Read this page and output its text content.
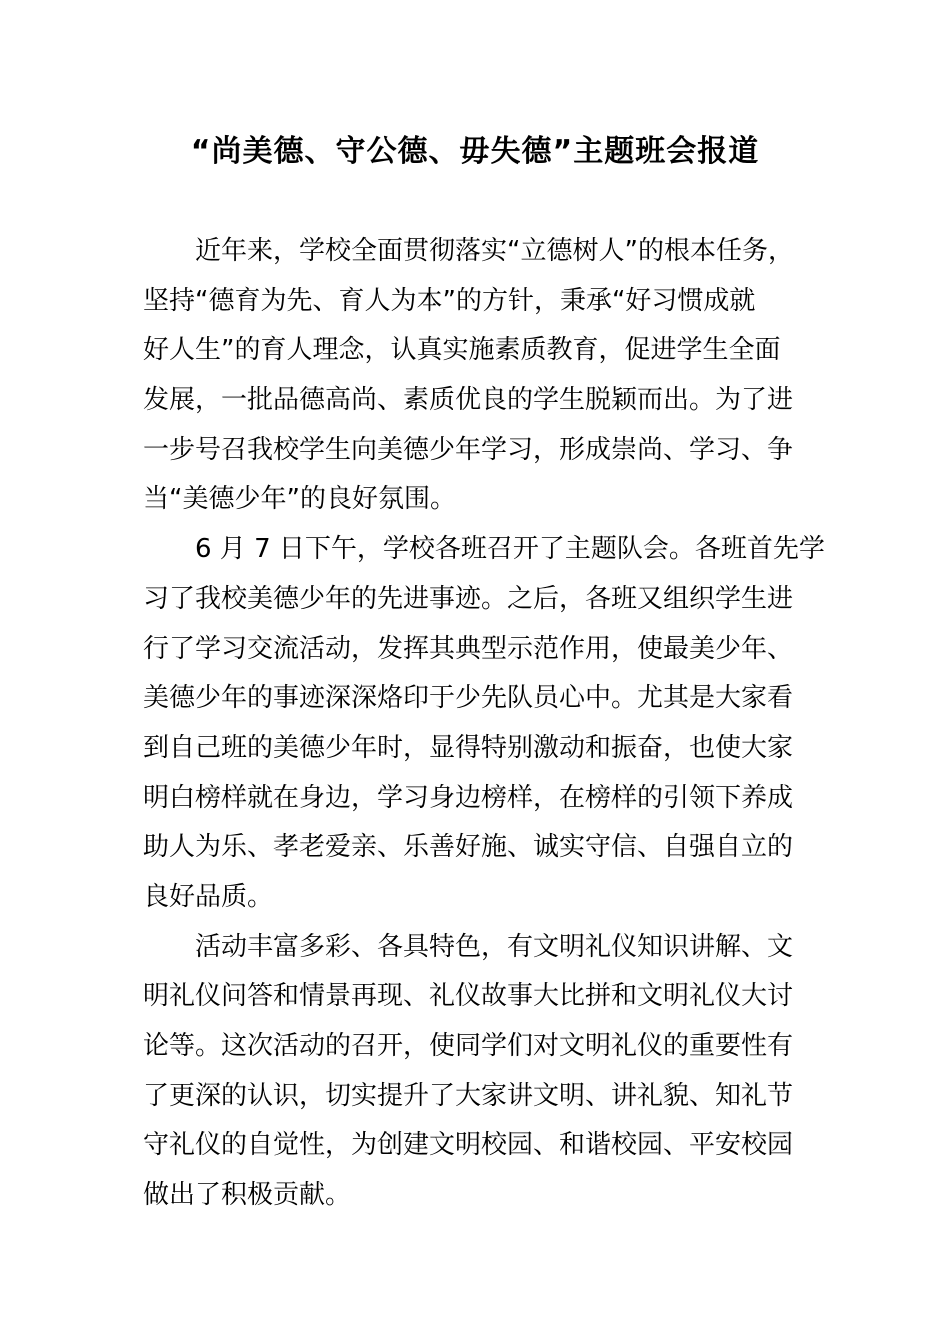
“尚美德、守公德、毋失德”主题班会报道
近年来，学校全面贯彻落实“立德树人”的根本任务，
坚持“德育为先、育人为本”的方针，秉承“好习惯成就
好人生”的育人理念，认真实施素质教育，促进学生全面
发展，一批品德高尚、素质优良的学生脱颖而出。为了进
一步号召我校学生向美德少年学习，形成崇尚、学习、争
当“美德少年”的良好氛围。
6 月 7 日下午，学校各班召开了主题队会。各班首先学
习了我校美德少年的先进事迹。之后，各班又组织学生进
行了学习交流活动，发挥其典型示范作用，使最美少年、
美德少年的事迹深深烙印于少先队员心中。尤其是大家看
到自己班的美德少年时，显得特别激动和振奋，也使大家
明白榜样就在身边，学习身边榜样，在榜样的引领下养成
助人为乐、孝老爱亲、乐善好施、诚实守信、自强自立的
良好品质。
活动丰富多彩、各具特色，有文明礼仪知识讲解、文
明礼仪问答和情景再现、礼仪故事大比拼和文明礼仪大讨
论等。这次活动的召开，使同学们对文明礼仪的重要性有
了更深的认识，切实提升了大家讲文明、讲礼貌、知礼节
守礼仪的自觉性，为创建文明校园、和谐校园、平安校园
做出了积极贡献。
